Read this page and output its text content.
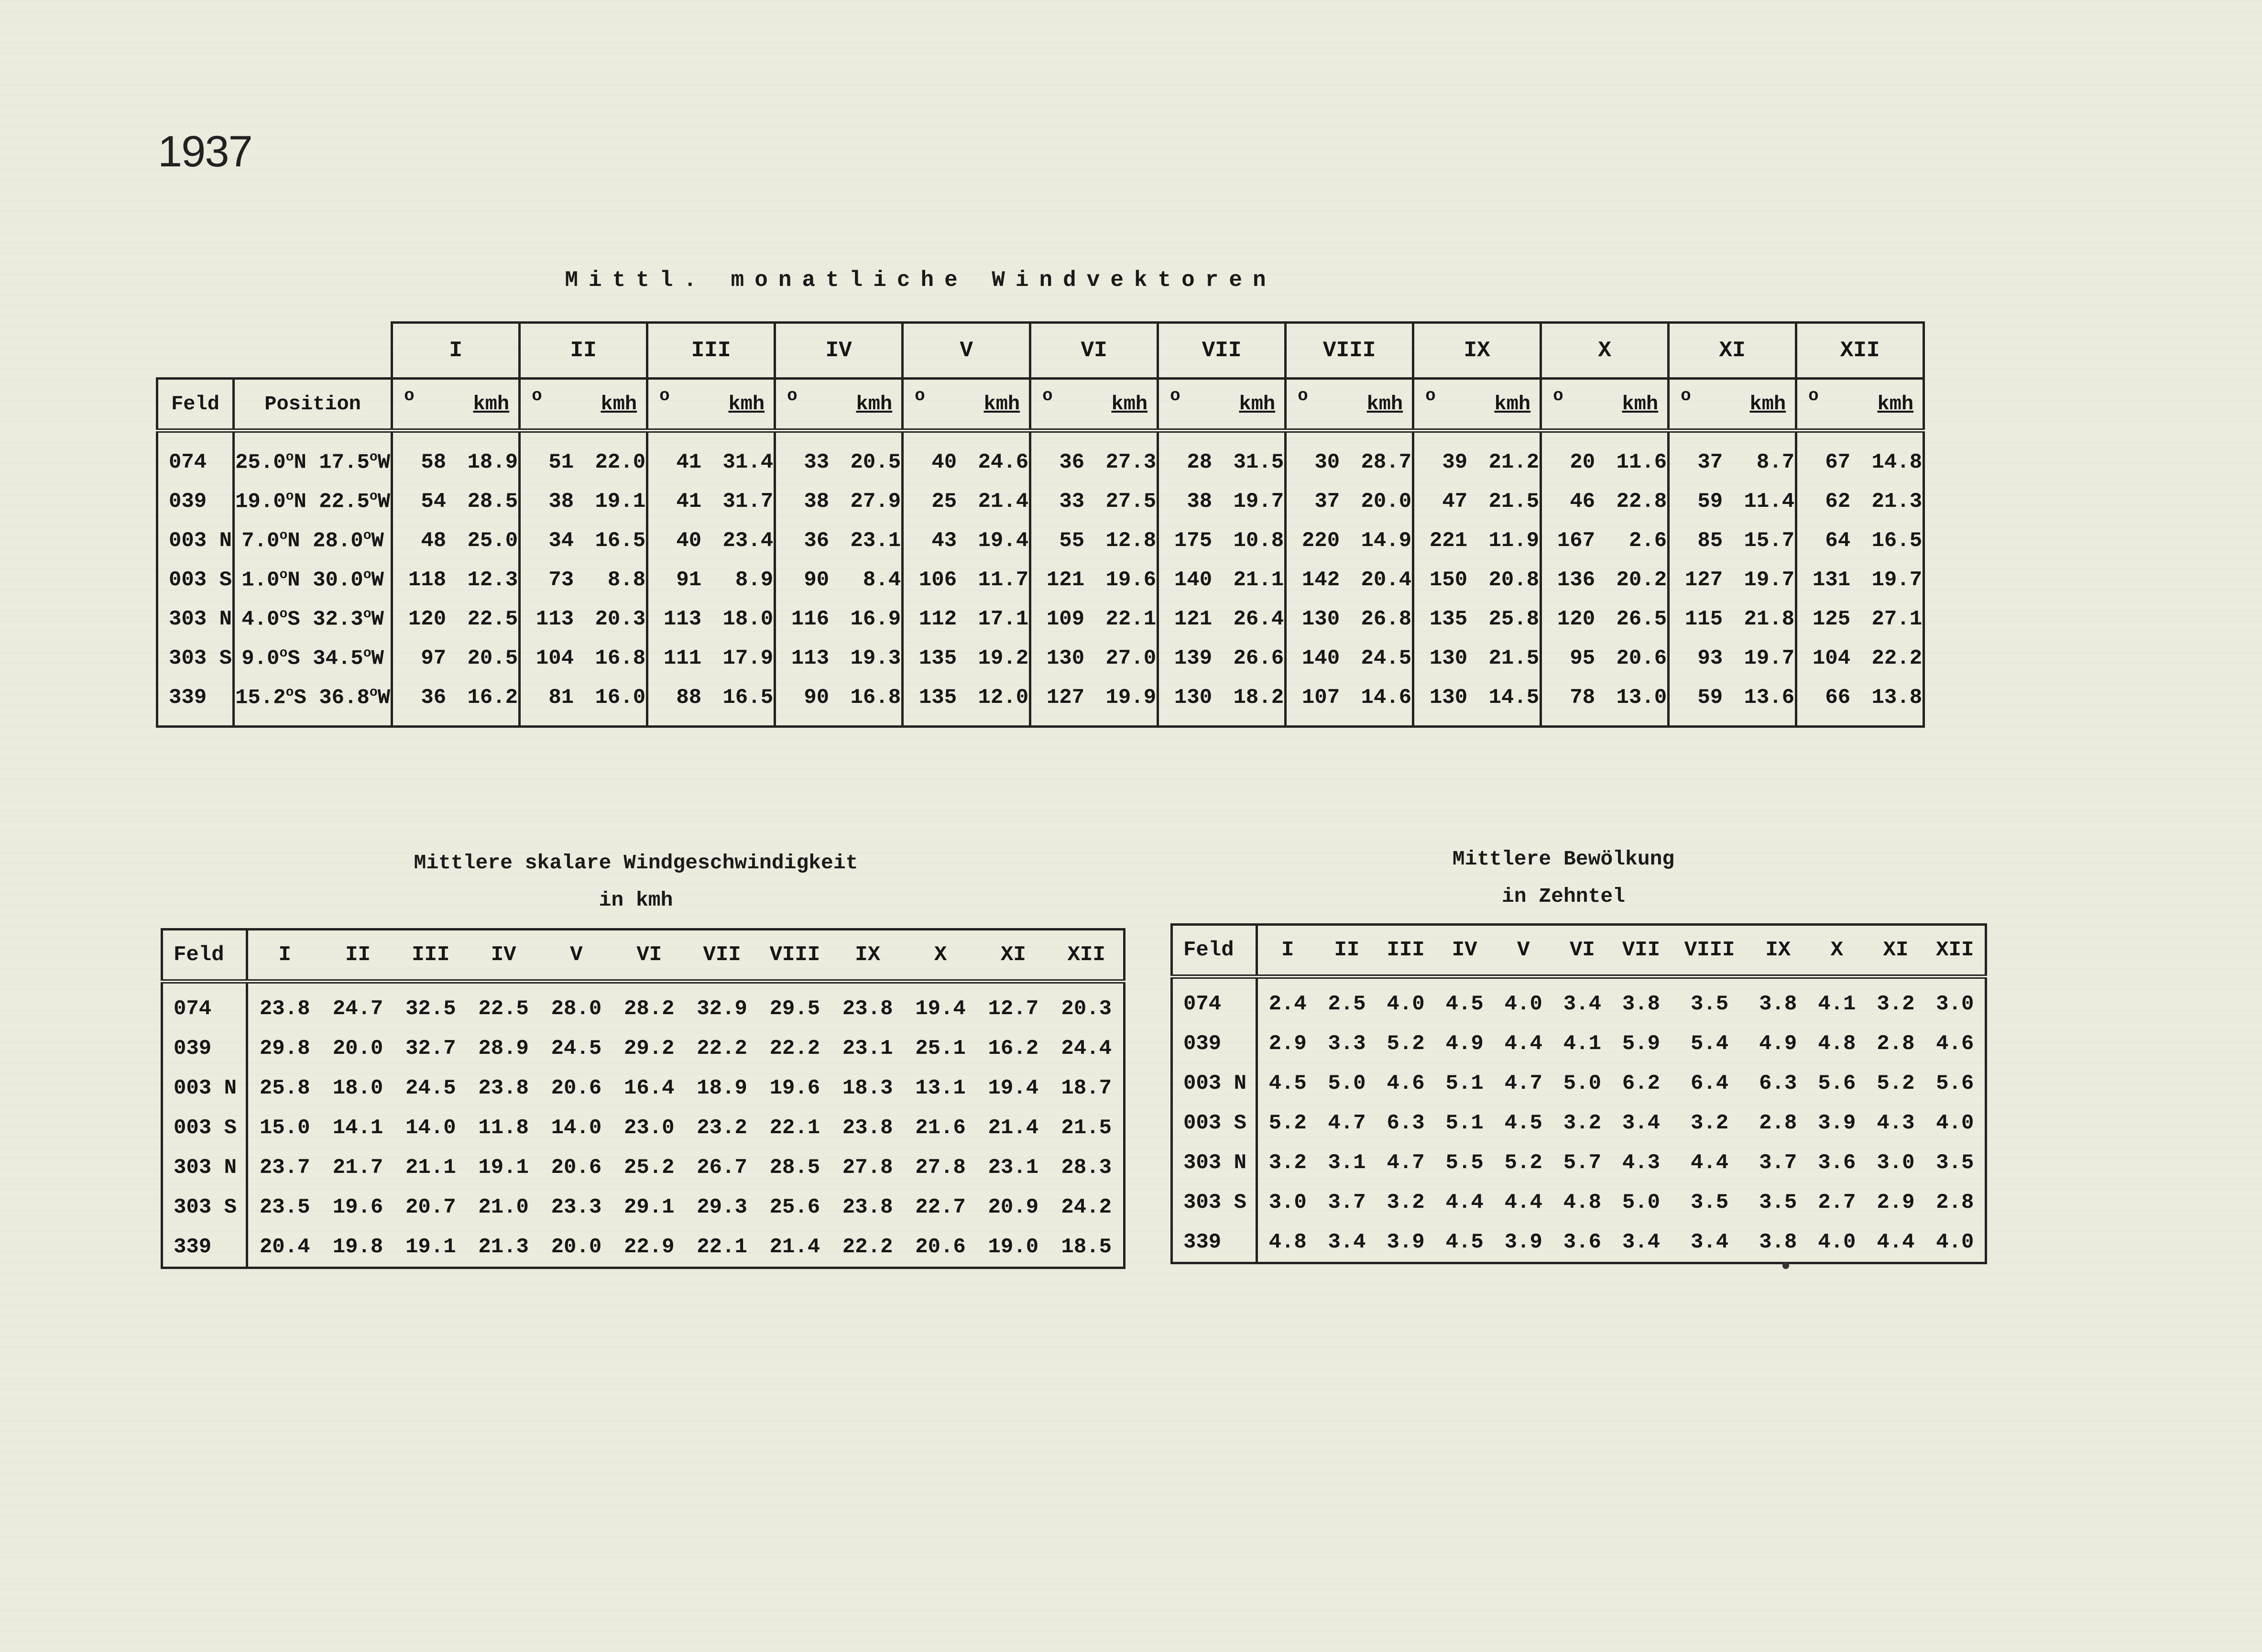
1937
Mittl. monatliche Windvektoren
		I	II	III	IV	V	VI	VII	VIII	IX	X	XI	XII
Feld	Position	o kmh	o kmh	o kmh	o kmh	o kmh	o kmh	o kmh	o kmh	o kmh	o kmh	o kmh	o kmh

074	25.0$^o$N 17.5$^o$W	58 18.9	51 22.0	41 31.4	33 20.5	40 24.6	36 27.3	28 31.5	30 28.7	39 21.2	20 11.6	37 8.7	67 14.8
039	19.0$^o$N 22.5$^o$W	54 28.5	38 19.1	41 31.7	38 27.9	25 21.4	33 27.5	38 19.7	37 20.0	47 21.5	46 22.8	59 11.4	62 21.3
003 N	7.0$^o$N 28.0$^o$W	48 25.0	34 16.5	40 23.4	36 23.1	43 19.4	55 12.8	175 10.8	220 14.9	221 11.9	167 2.6	85 15.7	64 16.5
003 S	1.0$^o$N 30.0$^o$W	118 12.3	73 8.8	91 8.9	90 8.4	106 11.7	121 19.6	140 21.1	142 20.4	150 20.8	136 20.2	127 19.7	131 19.7
303 N	4.0$^o$S 32.3$^o$W	120 22.5	113 20.3	113 18.0	116 16.9	112 17.1	109 22.1	121 26.4	130 26.8	135 25.8	120 26.5	115 21.8	125 27.1
303 S	9.0$^o$S 34.5$^o$W	97 20.5	104 16.8	111 17.9	113 19.3	135 19.2	130 27.0	139 26.6	140 24.5	130 21.5	95 20.6	93 19.7	104 22.2
339	15.2$^o$S 36.8$^o$W	36 16.2	81 16.0	88 16.5	90 16.8	135 12.0	127 19.9	130 18.2	107 14.6	130 14.5	78 13.0	59 13.6	66 13.8
Mittlere skalare Windgeschwindigkeit
in kmh
Mittlere Bewölkung
in Zehntel
Feld	I	II	III	IV	V	VI	VII	VIII	IX	X	XI	XII
074	23.8	24.7	32.5	22.5	28.0	28.2	32.9	29.5	23.8	19.4	12.7	20.3
039	29.8	20.0	32.7	28.9	24.5	29.2	22.2	22.2	23.1	25.1	16.2	24.4
003 N	25.8	18.0	24.5	23.8	20.6	16.4	18.9	19.6	18.3	13.1	19.4	18.7
003 S	15.0	14.1	14.0	11.8	14.0	23.0	23.2	22.1	23.8	21.6	21.4	21.5
303 N	23.7	21.7	21.1	19.1	20.6	25.2	26.7	28.5	27.8	27.8	23.1	28.3
303 S	23.5	19.6	20.7	21.0	23.3	29.1	29.3	25.6	23.8	22.7	20.9	24.2
339	20.4	19.8	19.1	21.3	20.0	22.9	22.1	21.4	22.2	20.6	19.0	18.5
Feld	I	II	III	IV	V	VI	VII	VIII	IX	X	XI	XII
074	2.4	2.5	4.0	4.5	4.0	3.4	3.8	3.5	3.8	4.1	3.2	3.0
039	2.9	3.3	5.2	4.9	4.4	4.1	5.9	5.4	4.9	4.8	2.8	4.6
003 N	4.5	5.0	4.6	5.1	4.7	5.0	6.2	6.4	6.3	5.6	5.2	5.6
003 S	5.2	4.7	6.3	5.1	4.5	3.2	3.4	3.2	2.8	3.9	4.3	4.0
303 N	3.2	3.1	4.7	5.5	5.2	5.7	4.3	4.4	3.7	3.6	3.0	3.5
303 S	3.0	3.7	3.2	4.4	4.4	4.8	5.0	3.5	3.5	2.7	2.9	2.8
339	4.8	3.4	3.9	4.5	3.9	3.6	3.4	3.4	3.8	4.0	4.4	4.0
